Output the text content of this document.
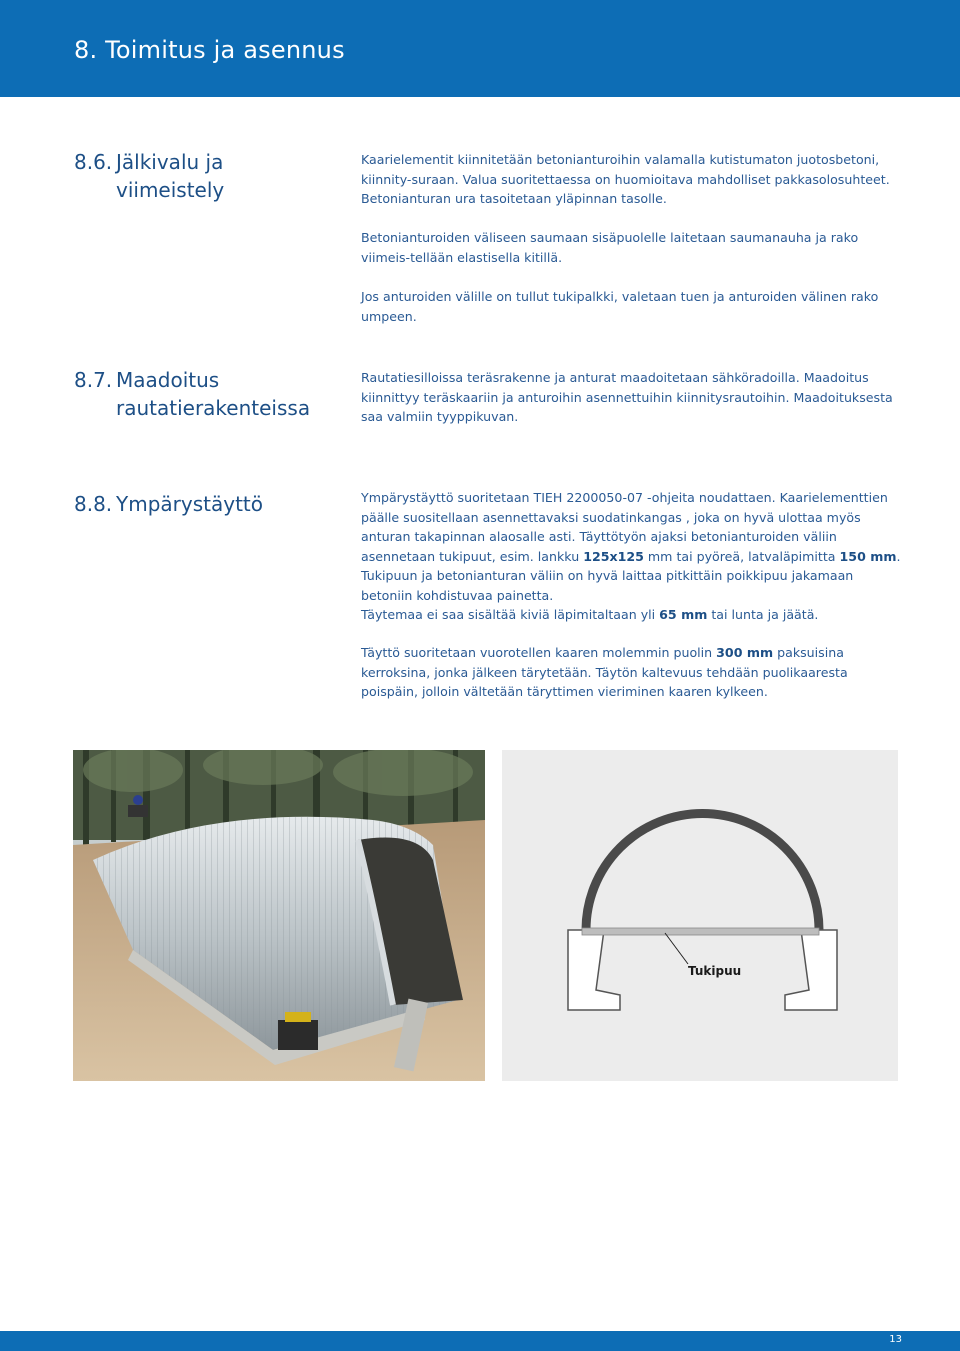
8. Toimitus ja asennus
8.6. Jälkivalu ja
viimeistely

Kaarielementit kiinnitetään betonianturoihin valamalla kutistumaton juotosbetoni, kiinnity-suraan. Valua suoritettaessa on huomioitava mahdolliset pakkasolosuhteet. Betonianturan ura tasoitetaan yläpinnan tasolle.

Betonianturoiden väliseen saumaan sisäpuolelle laitetaan saumanauha ja rako viimeis-tellään elastisella kitillä.

Jos anturoiden välille on tullut tukipalkki, valetaan tuen ja anturoiden välinen rako umpeen.

8.7. Maadoitus
rautatierakenteissa

Rautatiesilloissa teräsrakenne ja anturat maadoitetaan sähköradoilla. Maadoitus kiinnittyy teräskaariin ja anturoihin asennettuihin kiinnitysrautoihin. Maadoituksesta saa valmiin tyyppikuvan.

8.8. Ympärystäyttö	Ympärystäyttö suoritetaan TIEH 2200050-07 -ohjeita noudattaen. Kaarielementtien päälle suositellaan asennettavaksi suodatinkangas , joka on hyvä ulottaa myös anturan takapinnan alaosalle asti. Täyttötyön ajaksi betonianturoiden väliin asennetaan tukipuut, esim. lankku 125x125 mm tai pyöreä, latvaläpimitta 150 mm. Tukipuun ja betonianturan väliin on hyvä laittaa pitkittäin poikkipuu jakamaan betoniin kohdistuvaa painetta.

Täytemaa ei saa sisältää kiviä läpimitaltaan yli 65 mm tai lunta ja jäätä.

Täyttö suoritetaan vuorotellen kaaren molemmin puolin 300 mm paksuisina kerroksina, jonka jälkeen tärytetään. Täytön kaltevuus tehdään puolikaaresta poispäin, jolloin vältetään täryttimen vieriminen kaaren kylkeen.

Tukipuu
13
